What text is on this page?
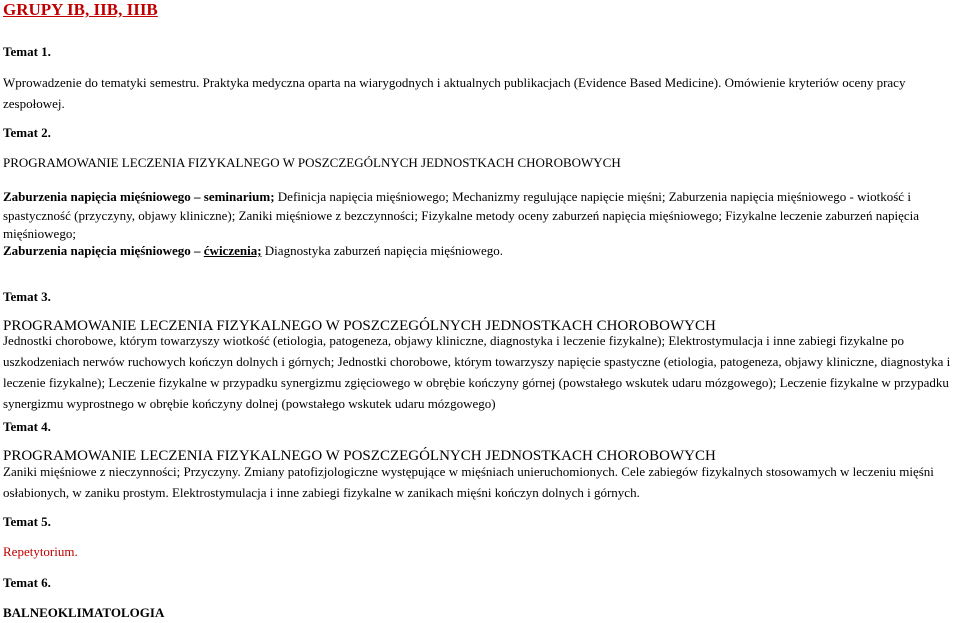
GRUPY IB, IIB, IIIB
Temat 1.
Wprowadzenie do tematyki semestru. Praktyka medyczna oparta na wiarygodnych i aktualnych publikacjach (Evidence Based Medicine). Omówienie kryteriów oceny pracy zespołowej.
Temat 2.
PROGRAMOWANIE LECZENIA FIZYKALNEGO W POSZCZEGÓLNYCH JEDNOSTKACH CHOROBOWYCH
Zaburzenia napięcia mięśniowego – seminarium; Definicja napięcia mięśniowego; Mechanizmy regulujące napięcie mięśni; Zaburzenia napięcia mięśniowego - wiotkość i spastyczność (przyczyny, objawy kliniczne); Zaniki mięśniowe z bezczynności; Fizykalne metody oceny zaburzeń napięcia mięśniowego; Fizykalne leczenie zaburzeń napięcia mięśniowego;
Zaburzenia napięcia mięśniowego – ćwiczenia; Diagnostyka zaburzeń napięcia mięśniowego.
Temat 3.
PROGRAMOWANIE LECZENIA FIZYKALNEGO W POSZCZEGÓLNYCH JEDNOSTKACH CHOROBOWYCH
Jednostki chorobowe, którym towarzyszy wiotkość (etiologia, patogeneza, objawy kliniczne, diagnostyka i leczenie fizykalne); Elektrostymulacja i inne zabiegi fizykalne po uszkodzeniach nerwów ruchowych kończyn dolnych i górnych; Jednostki chorobowe, którym towarzyszy napięcie spastyczne (etiologia, patogeneza, objawy kliniczne, diagnostyka i leczenie fizykalne); Leczenie fizykalne w przypadku synergizmu zgięciowego w obrębie kończyny górnej (powstałego wskutek udaru mózgowego); Leczenie fizykalne w przypadku synergizmu wyprostnego w obrębie kończyny dolnej (powstałego wskutek udaru mózgowego)
Temat 4.
PROGRAMOWANIE LECZENIA FIZYKALNEGO W POSZCZEGÓLNYCH JEDNOSTKACH CHOROBOWYCH
Zaniki mięśniowe z nieczynności; Przyczyny. Zmiany patofizjologiczne występujące w mięśniach unieruchomionych. Cele zabiegów fizykalnych stosowamych w leczeniu mięśni osłabionych, w zaniku prostym. Elektrostymulacja i inne zabiegi fizykalne w zanikach mięśni kończyn dolnych i górnych.
Temat 5.
Repetytorium.
Temat 6.
BALNEOKLIMATOLOGIA
